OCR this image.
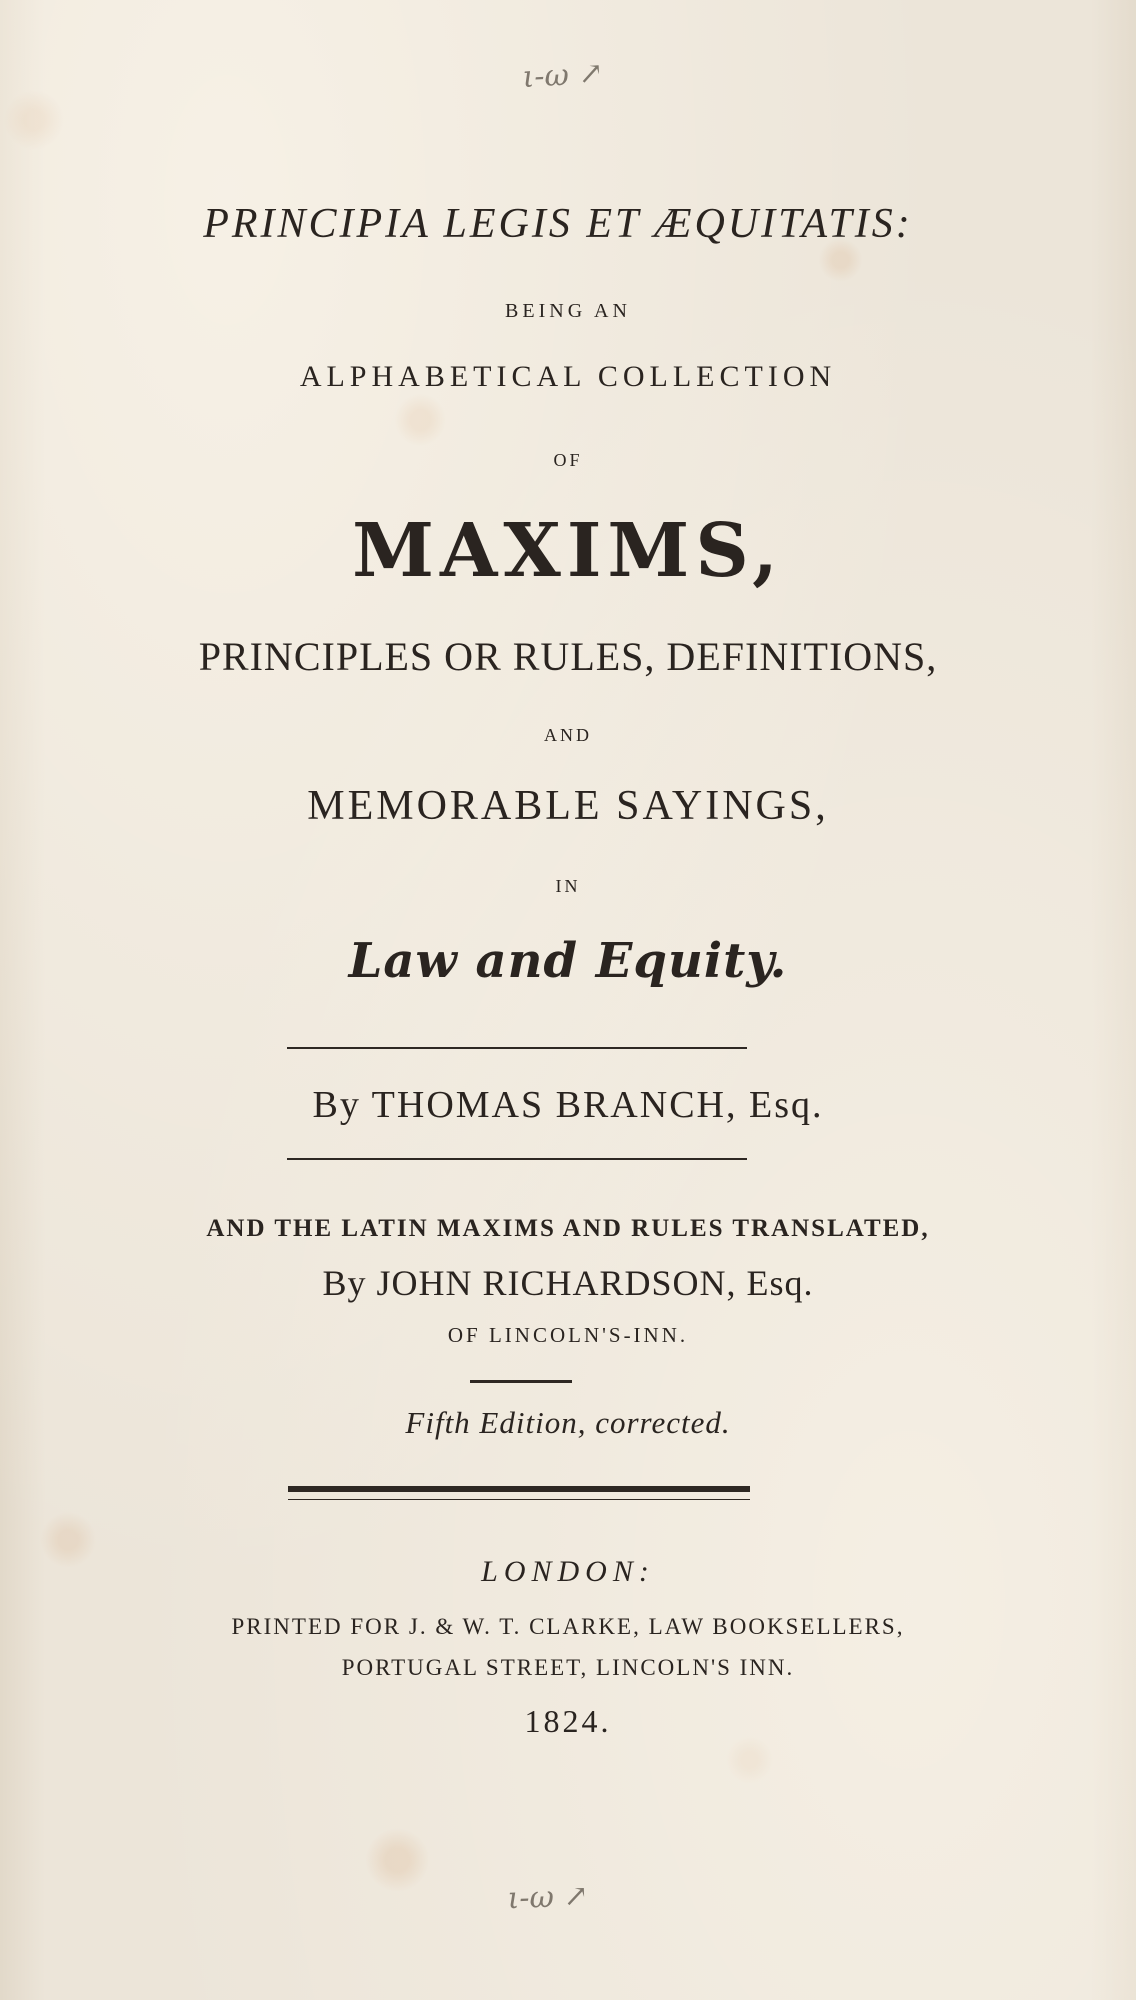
ι-ω ↗
PRINCIPIA LEGIS ET ÆQUITATIS:
BEING AN
ALPHABETICAL COLLECTION
OF
MAXIMS,
PRINCIPLES OR RULES, DEFINITIONS,
AND
MEMORABLE SAYINGS,
IN
Law and Equity.
By THOMAS BRANCH, Esq.
AND THE LATIN MAXIMS AND RULES TRANSLATED,
By JOHN RICHARDSON, Esq.
OF LINCOLN'S-INN.
Fifth Edition, corrected.
LONDON:
PRINTED FOR J. & W. T. CLARKE, LAW BOOKSELLERS,
PORTUGAL STREET, LINCOLN'S INN.
1824.
ι-ω ↗
